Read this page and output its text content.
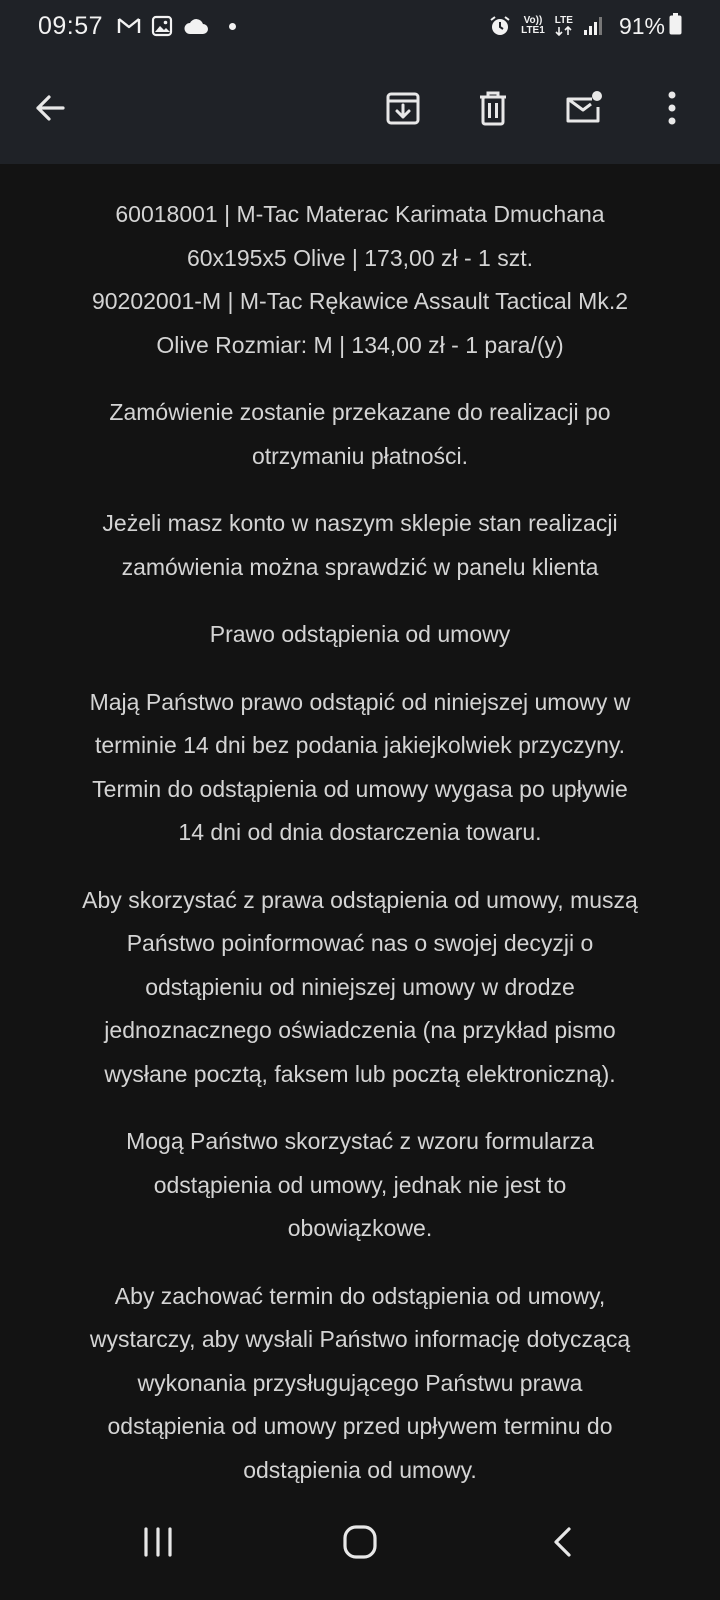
09:57	Vo))
LTE1
LTE 91%
60018001 | M-Tac Materac Karimata Dmuchana
60x195x5 Olive | 173,00 zł - 1 szt.
90202001-M | M-Tac Rękawice Assault Tactical Mk.2
Olive Rozmiar: M | 134,00 zł - 1 para/(y)
Zamówienie zostanie przekazane do realizacji po
otrzymaniu płatności.
Jeżeli masz konto w naszym sklepie stan realizacji
zamówienia można sprawdzić w panelu klienta
Prawo odstąpienia od umowy
Mają Państwo prawo odstąpić od niniejszej umowy w
terminie 14 dni bez podania jakiejkolwiek przyczyny.
Termin do odstąpienia od umowy wygasa po upływie
14 dni od dnia dostarczenia towaru.
Aby skorzystać z prawa odstąpienia od umowy, muszą
Państwo poinformować nas o swojej decyzji o
odstąpieniu od niniejszej umowy w drodze
jednoznacznego oświadczenia (na przykład pismo
wysłane pocztą, faksem lub pocztą elektroniczną).
Mogą Państwo skorzystać z wzoru formularza
odstąpienia od umowy, jednak nie jest to
obowiązkowe.
Aby zachować termin do odstąpienia od umowy,
wystarczy, aby wysłali Państwo informację dotyczącą
wykonania przysługującego Państwu prawa
odstąpienia od umowy przed upływem terminu do
odstąpienia od umowy.
